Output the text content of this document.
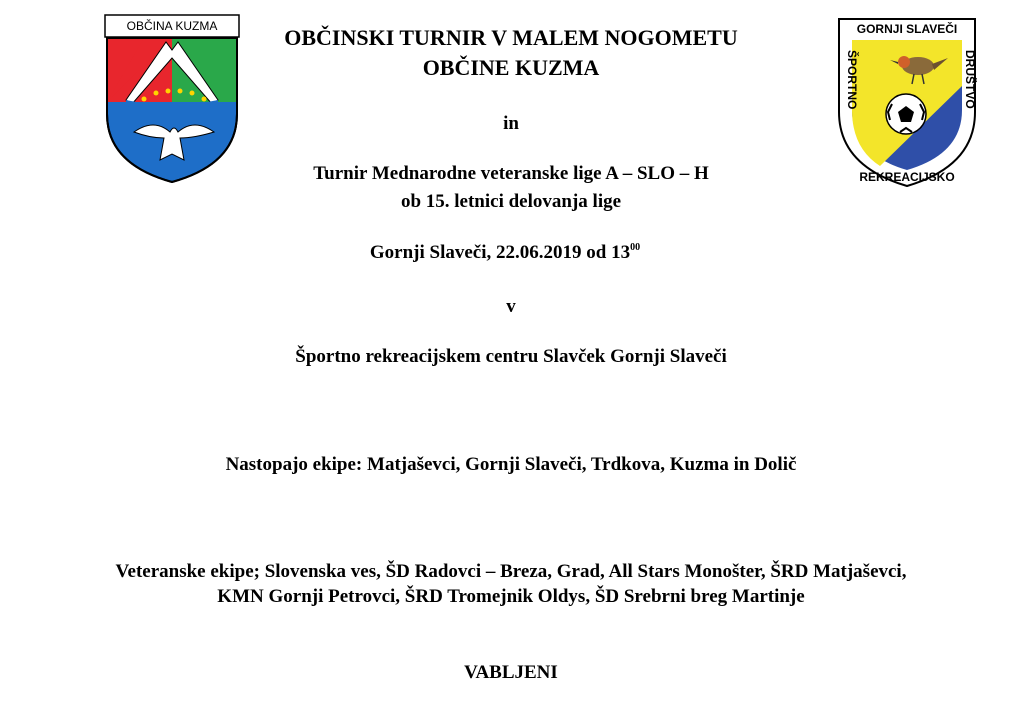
OBČINA KUZMA	GORNJI SLAVEČI
ŠPORTNO	DRUŠTVO
REKREACIJSKO
OBČINSKI TURNIR V MALEM NOGOMETU
OBČINE KUZMA
in
Turnir Mednarodne veteranske lige A – SLO – H
ob 15. letnici delovanja lige
Gornji Slaveči, 22.06.2019 od $13^{00}$
v
Športno rekreacijskem centru Slavček Gornji Slaveči
Nastopajo ekipe: Matjaševci, Gornji Slaveči, Trdkova, Kuzma in Dolič
Veteranske ekipe; Slovenska ves, ŠD Radovci – Breza, Grad, All Stars Monošter, ŠRD Matjaševci,
KMN Gornji Petrovci, ŠRD Tromejnik Oldys, ŠD Srebrni breg Martinje
VABLJENI
